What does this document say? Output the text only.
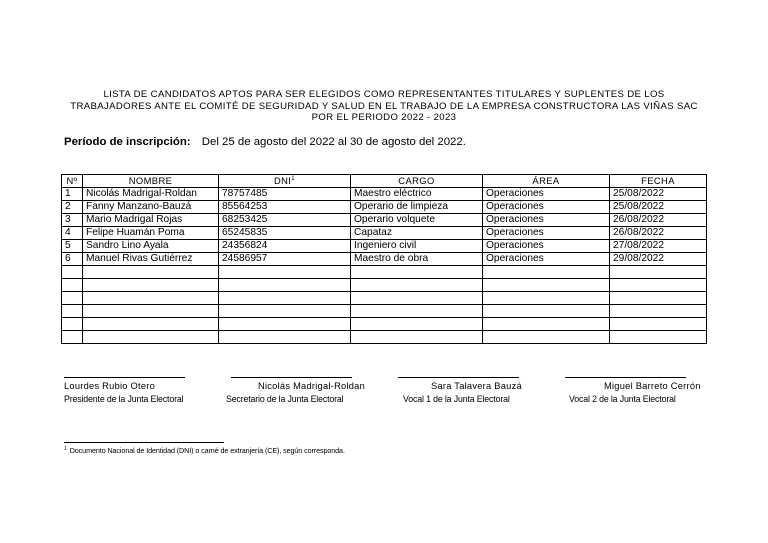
LISTA DE CANDIDATOS APTOS PARA SER ELEGIDOS COMO REPRESENTANTES TITULARES Y SUPLENTES DE LOS
TRABAJADORES ANTE EL COMITÉ DE SEGURIDAD Y SALUD EN EL TRABAJO DE LA EMPRESA CONSTRUCTORA LAS VIÑAS SAC
POR EL PERIODO 2022 - 2023
Período de inscripción: Del 25 de agosto del 2022 al 30 de agosto del 2022.
Nº	NOMBRE	DNI$^1$	CARGO	ÁREA	FECHA
1	Nicolás Madrigal-Roldan	78757485	Maestro eléctrico	Operaciones	25/08/2022
2	Fanny Manzano-Bauzá	85564253	Operario de limpieza	Operaciones	25/08/2022
3	Mario Madrigal Rojas	68253425	Operario volquete	Operaciones	26/08/2022
4	Felipe Huamán Poma	65245835	Capataz	Operaciones	26/08/2022
5	Sandro Lino Ayala	24356824	Ingeniero civil	Operaciones	27/08/2022
6	Manuel Rivas Gutiérrez	24586957	Maestro de obra	Operaciones	29/08/2022

Lourdes Rubio Otero	Nicolás Madrigal-Roldan	Sara Talavera Bauzá	Miguel Barreto Cerrón
Presidente de la Junta Electoral	Secretario de la Junta Electoral	Vocal 1 de la Junta Electoral	Vocal 2 de la Junta Electoral
$^1$ Documento Nacional de Identidad (DNI) o carné de extranjería (CE), según corresponda.
